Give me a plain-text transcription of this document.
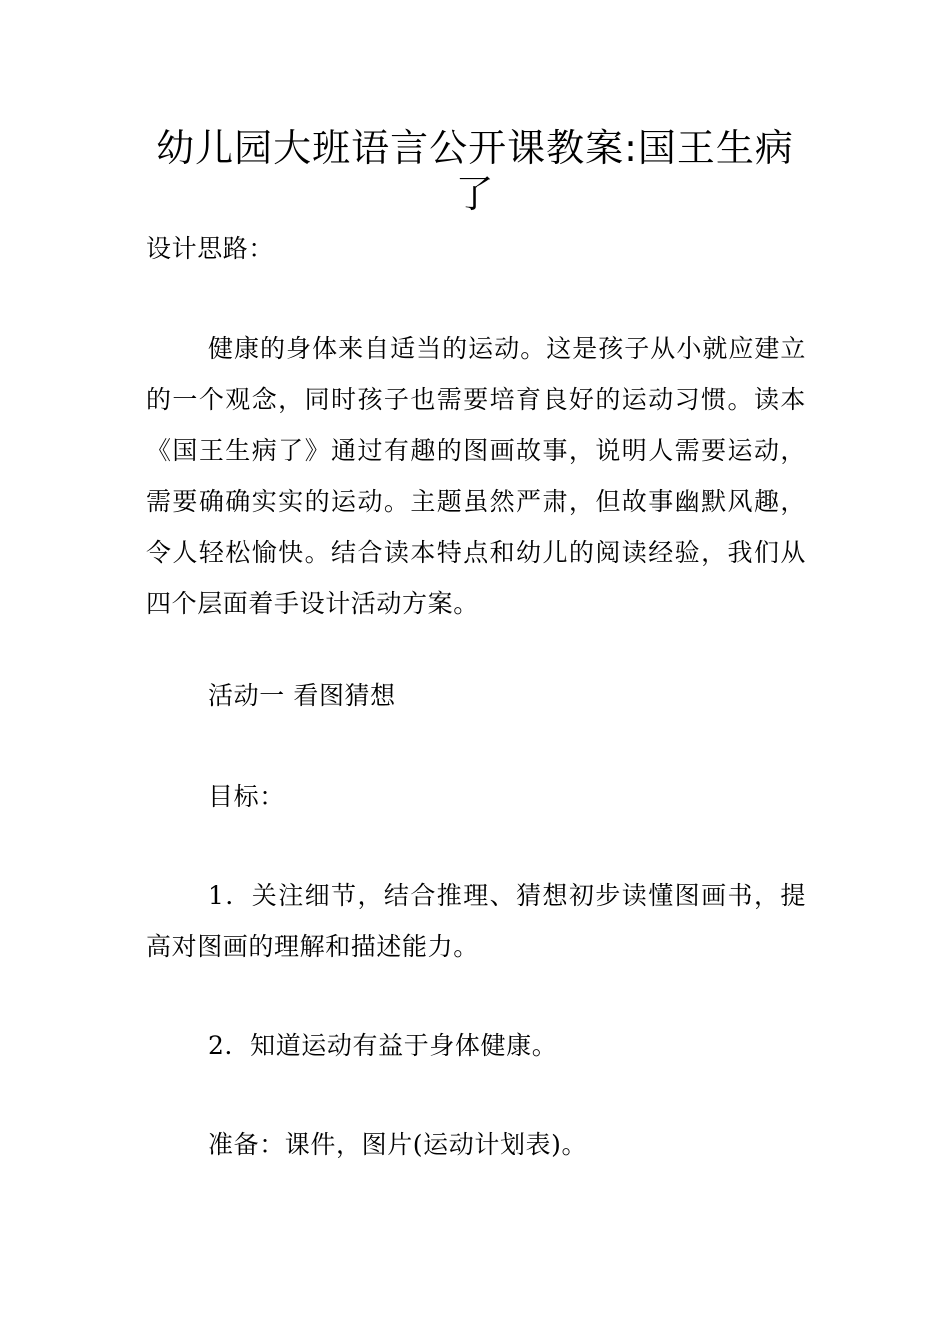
幼儿园大班语言公开课教案:国王生病了

设计思路：

健康的身体来自适当的运动。这是孩子从小就应建立的一个观念，同时孩子也需要培育良好的运动习惯。读本《国王生病了》通过有趣的图画故事，说明人需要运动，需要确确实实的运动。主题虽然严肃，但故事幽默风趣，令人轻松愉快。结合读本特点和幼儿的阅读经验，我们从四个层面着手设计活动方案。

活动一 看图猜想

目标：

1．关注细节，结合推理、猜想初步读懂图画书，提高对图画的理解和描述能力。

2．知道运动有益于身体健康。

准备：课件，图片(运动计划表)。
